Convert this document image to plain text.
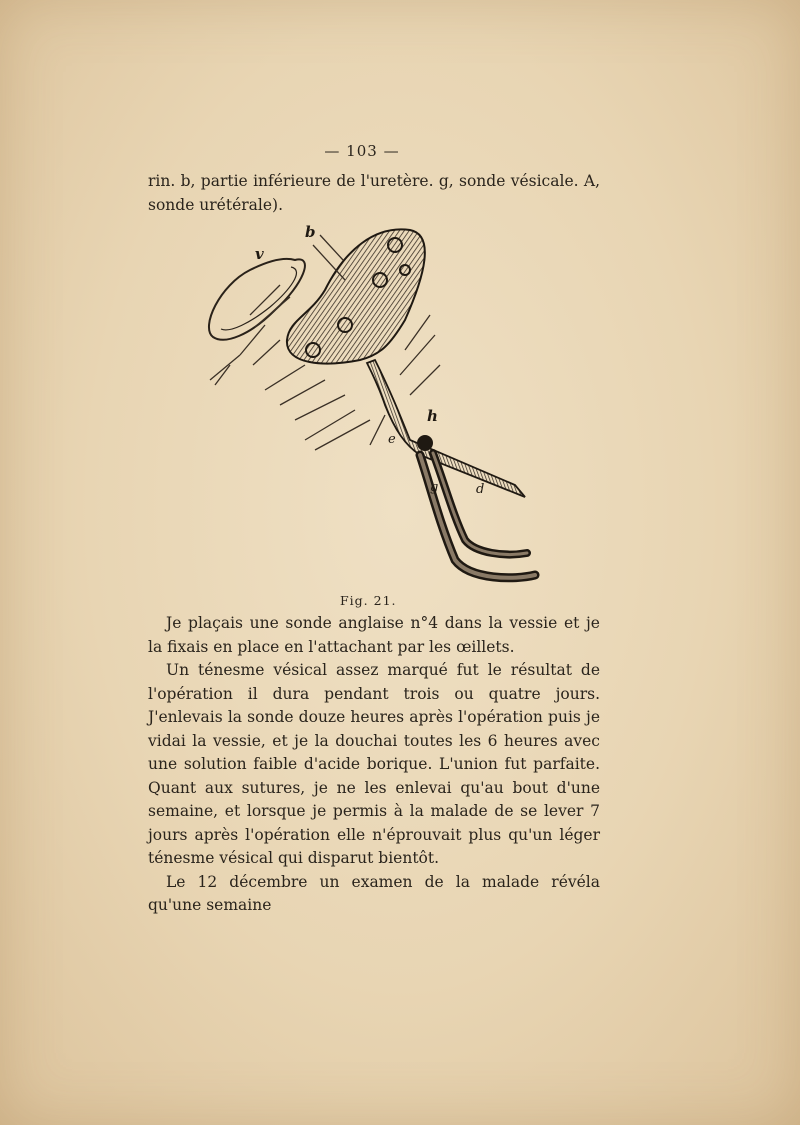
— 103 —

rin. b, partie inférieure de l'uretère. g, sonde vésicale. A, sonde urétérale).

b
v
h
e
g	d
Fig. 21.

Je plaçais une sonde anglaise n°4 dans la vessie et je la fixais en place en l'attachant par les œillets.

Un ténesme vésical assez marqué fut le résultat de l'opération il dura pendant trois ou quatre jours. J'enlevais la sonde douze heures après l'opération puis je vidai la vessie, et je la douchai toutes les 6 heures avec une solution faible d'acide borique. L'union fut parfaite. Quant aux sutures, je ne les enlevai qu'au bout d'une semaine, et lorsque je permis à la malade de se lever 7 jours après l'opération elle n'éprouvait plus qu'un léger ténesme vésical qui disparut bientôt.

Le 12 décembre un examen de la malade révéla qu'une semaine
